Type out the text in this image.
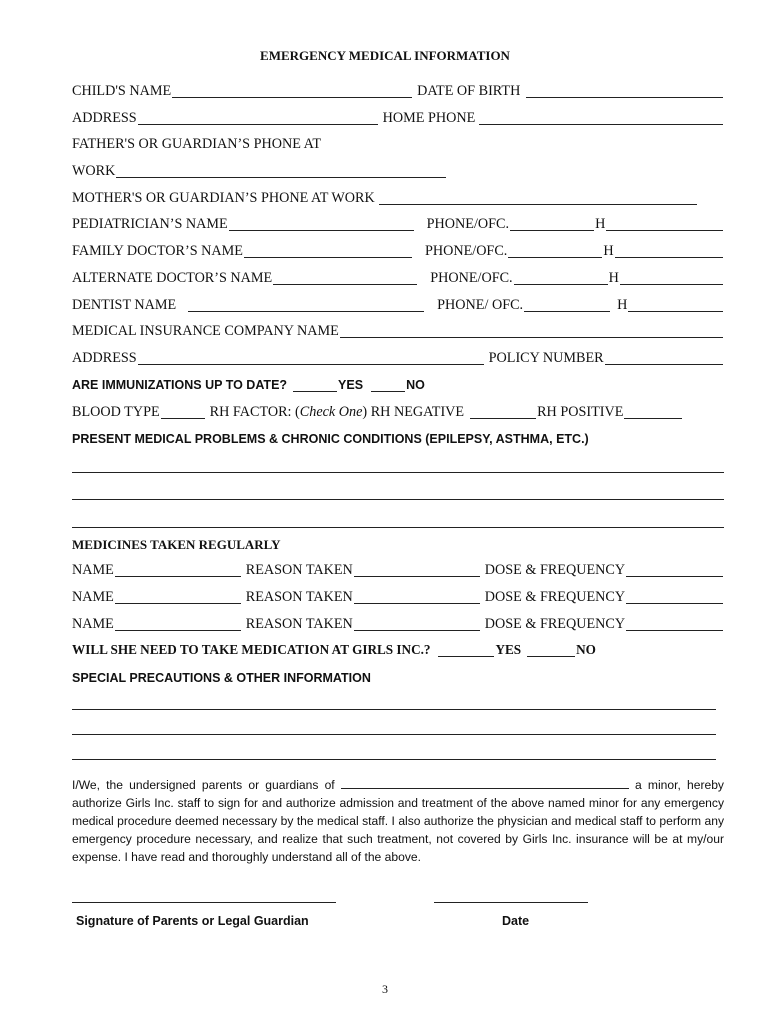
EMERGENCY MEDICAL INFORMATION
CHILD'S NAME	DATE OF BIRTH
ADDRESS	HOME PHONE
FATHER'S OR GUARDIAN’S PHONE AT
WORK
MOTHER'S OR GUARDIAN’S PHONE AT WORK
PEDIATRICIAN’S NAME	PHONE/OFC.	H
FAMILY DOCTOR’S NAME	PHONE/OFC.	H
ALTERNATE DOCTOR’S NAME	PHONE/OFC.	H
DENTIST NAME	PHONE/ OFC.	H
MEDICAL INSURANCE COMPANY NAME
ADDRESS	POLICY NUMBER
ARE IMMUNIZATIONS UP TO DATE?	YES	NO
BLOOD TYPE	RH FACTOR: ( Check One ) RH NEGATIVE	RH POSITIVE
PRESENT MEDICAL PROBLEMS & CHRONIC CONDITIONS (EPILEPSY, ASTHMA, ETC.)
MEDICINES TAKEN REGULARLY
NAME	REASON TAKEN	DOSE & FREQUENCY
NAME	REASON TAKEN	DOSE & FREQUENCY
NAME	REASON TAKEN	DOSE & FREQUENCY
WILL SHE NEED TO TAKE MEDICATION AT GIRLS INC.?	YES	NO
SPECIAL PRECAUTIONS & OTHER INFORMATION

I/We, the undersigned parents or guardians of	a minor, hereby authorize Girls Inc. staff to sign for and authorize admission and treatment of the above named minor for any emergency medical procedure deemed necessary by the medical staff. I also authorize the physician and medical staff to perform any emergency procedure necessary, and realize that such treatment, not covered by Girls Inc. insurance will be at my/our expense. I have read and thoroughly understand all of the above.

Signature of Parents or Legal Guardian	Date
3
